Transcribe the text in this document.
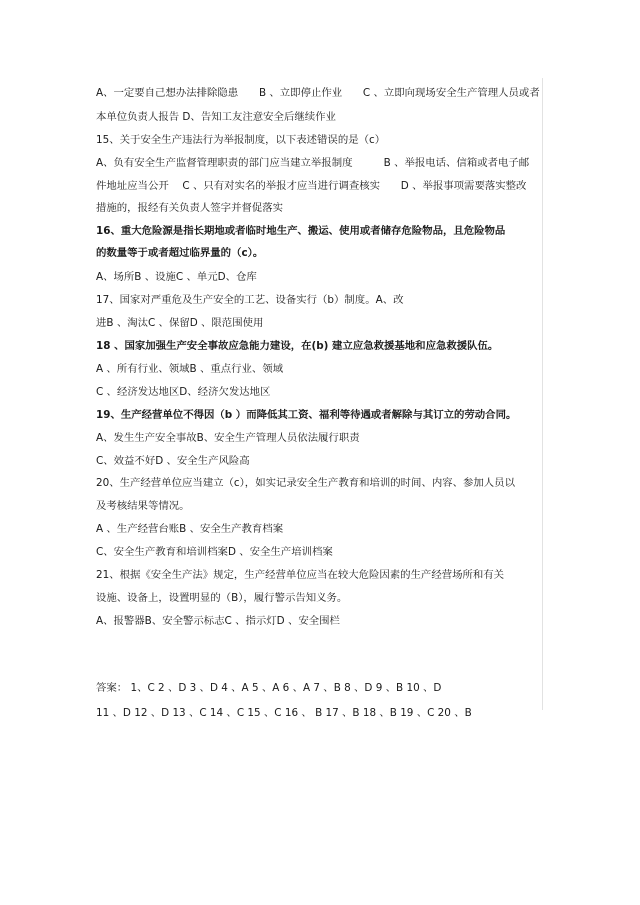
A、一定要自己想办法排除隐患　　B 、立即停止作业　　C 、立即向现场安全生产管理人员或者
本单位负责人报告 D、告知工友注意安全后继续作业
15、关于安全生产违法行为举报制度，以下表述错误的是（c）
A、负有安全生产监督管理职责的部门应当建立举报制度　　　B 、举报电话、信箱或者电子邮
件地址应当公开　 C 、只有对实名的举报才应当进行调查核实　　D 、举报事项需要落实整改
措施的，报经有关负责人签字并督促落实
16、重大危险源是指长期地或者临时地生产、搬运、使用或者储存危险物品，且危险物品
的数量等于或者超过临界量的（c）。
A、场所B 、设施C 、单元D、仓库
17、国家对严重危及生产安全的工艺、设备实行（b）制度。A、改
进B 、淘汰C 、保留D 、限范围使用
18 、国家加强生产安全事故应急能力建设，在(b) 建立应急救援基地和应急救援队伍。
A 、所有行业、领域B 、重点行业、领域
C 、经济发达地区D、经济欠发达地区
19、生产经营单位不得因（b ）而降低其工资、福利等待遇或者解除与其订立的劳动合同。
A、发生生产安全事故B、安全生产管理人员依法履行职责
C、效益不好D 、安全生产风险高
20、生产经营单位应当建立（c），如实记录安全生产教育和培训的时间、内容、参加人员以
及考核结果等情况。
A 、生产经营台账B 、安全生产教育档案
C、安全生产教育和培训档案D 、安全生产培训档案
21、根据《安全生产法》规定，生产经营单位应当在较大危险因素的生产经营场所和有关
设施、设备上，设置明显的（B），履行警示告知义务。
A、报警器B、安全警示标志C 、指示灯D 、安全围栏
答案： 1、C 2 、D 3 、D 4 、A 5 、A 6 、A 7 、B 8 、D 9 、B 10 、D
11 、D 12 、D 13 、C 14 、C 15 、C 16 、 B 17 、B 18 、B 19 、C 20 、B
